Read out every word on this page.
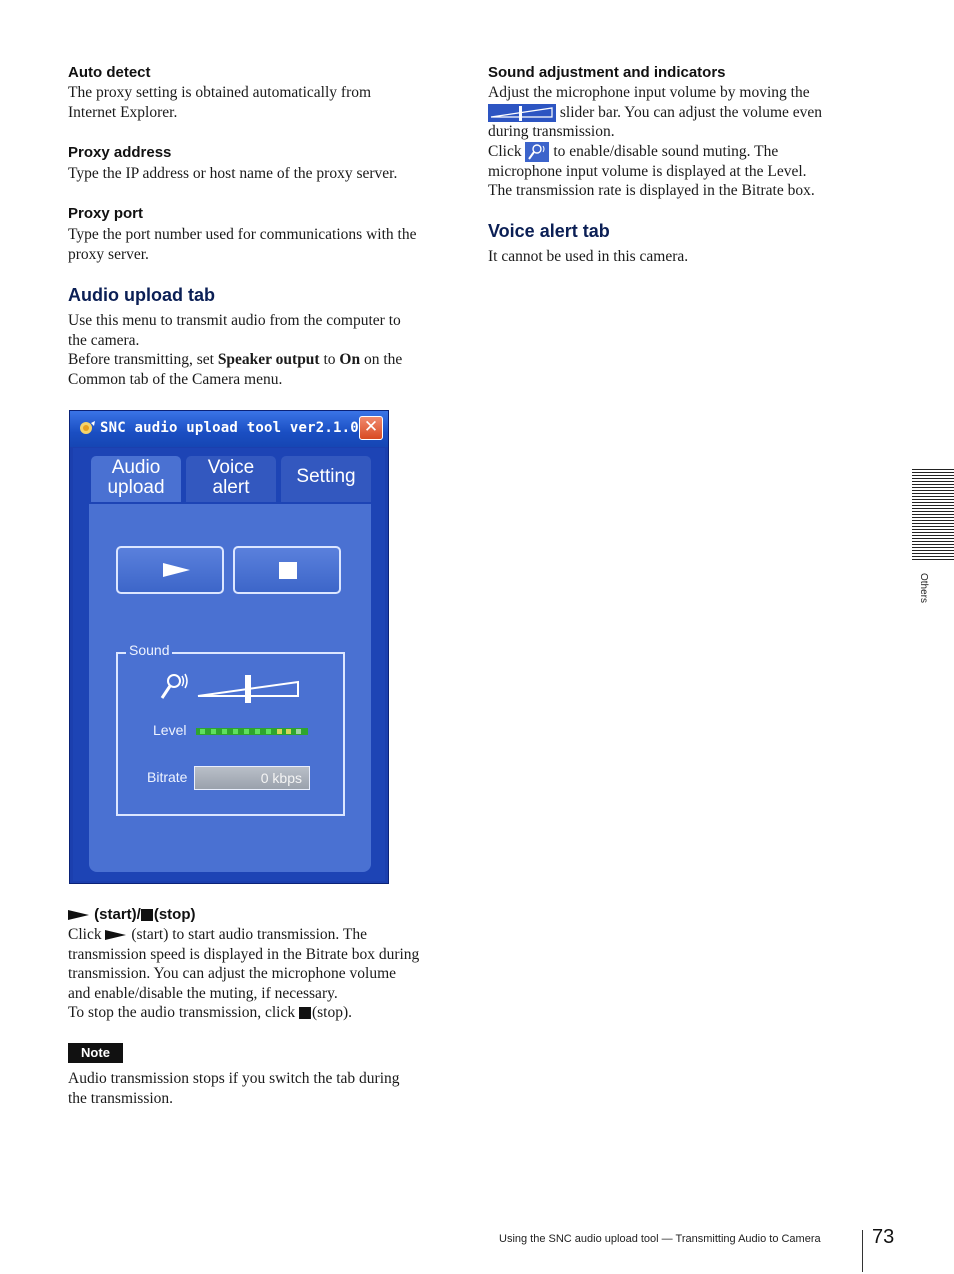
Auto detect
The proxy setting is obtained automatically from
Internet Explorer.
Proxy address
Type the IP address or host name of the proxy server.
Proxy port
Type the port number used for communications with the
proxy server.
Audio upload tab
Use this menu to transmit audio from the computer to
the camera.
Before transmitting, set Speaker output to On on the
Common tab of the Camera menu.
SNC audio upload tool ver2.1.0 ✕
Audio
upload
Voice
alert
Setting
Sound
Level
Bitrate	0 kbps
(start)/ (stop)
Click  (start) to start audio transmission. The
transmission speed is displayed in the Bitrate box during
transmission. You can adjust the microphone volume
and enable/disable the muting, if necessary.
To stop the audio transmission, click (stop).
Note
Audio transmission stops if you switch the tab during
the transmission.
Sound adjustment and indicators
Adjust the microphone input volume by moving the
slider bar. You can adjust the volume even
during transmission.
Click  to enable/disable sound muting. The
microphone input volume is displayed at the Level.
The transmission rate is displayed in the Bitrate box.
Voice alert tab
It cannot be used in this camera.
Others
Using the SNC audio upload tool — Transmitting Audio to Camera	73
